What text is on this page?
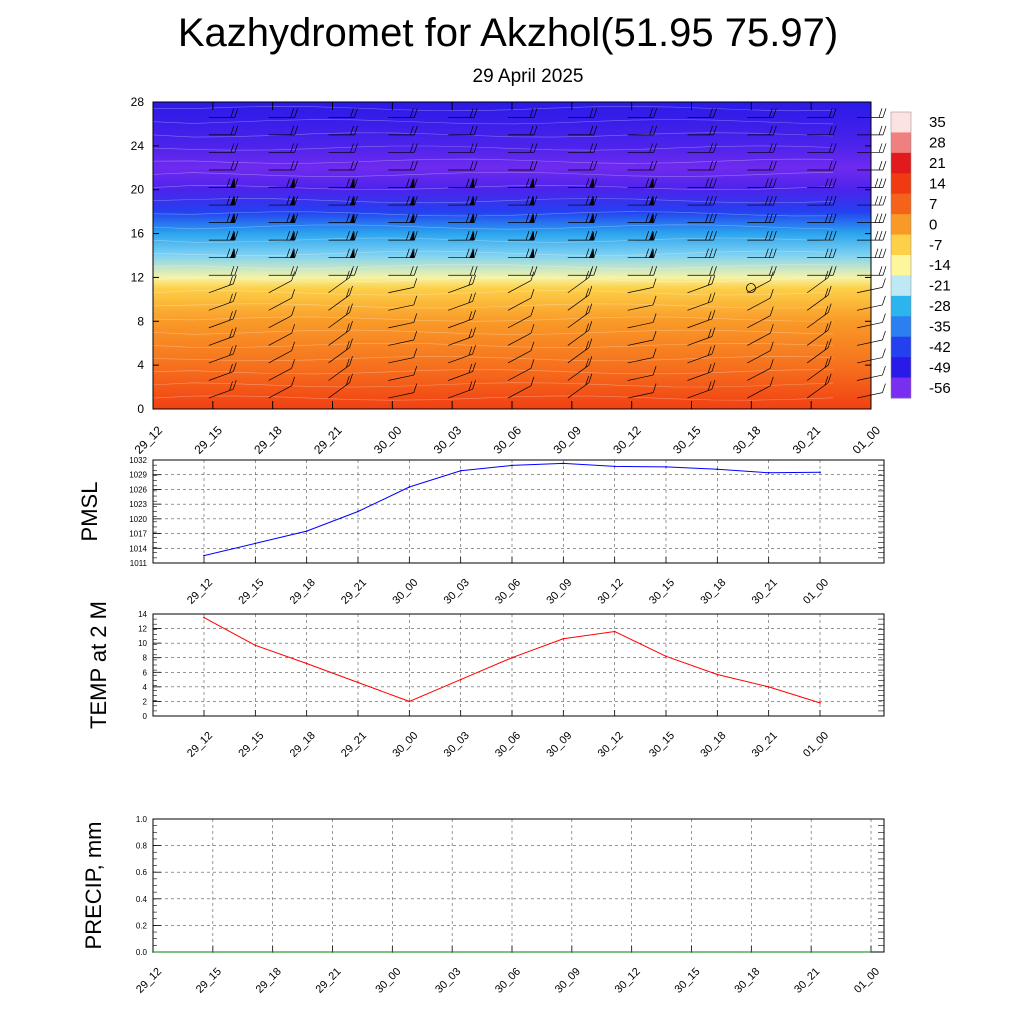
Kazhydromet for Akzhol(51.95 75.97)
29 April 2025
29_12 29_15 29_18 29_21 30_00 30_03 30_06 30_09 30_12 30_15 30_18 30_21 01_00
0
4
8
12
16
20
24
28
35
28
21
14
7
0
-7
-14
-21
-28
-35
-42
-49
-56
1011
1014
1017
1020
1023
1026
1029
1032
29_12 29_15 29_18 29_21 30_00 30_03 30_06 30_09 30_12 30_15 30_18 30_21 01_00
PMSL
0
2
4
6
8
10
12
14
29_12 29_15 29_18 29_21 30_00 30_03 30_06 30_09 30_12 30_15 30_18 30_21 01_00
TEMP at 2 M
0.0
0.2
0.4
0.6
0.8
1.0
29_12	29_15	29_18	29_21	30_00	30_03	30_06	30_09	30_12	30_15	30_18	30_21	01_00
PRECIP, mm
